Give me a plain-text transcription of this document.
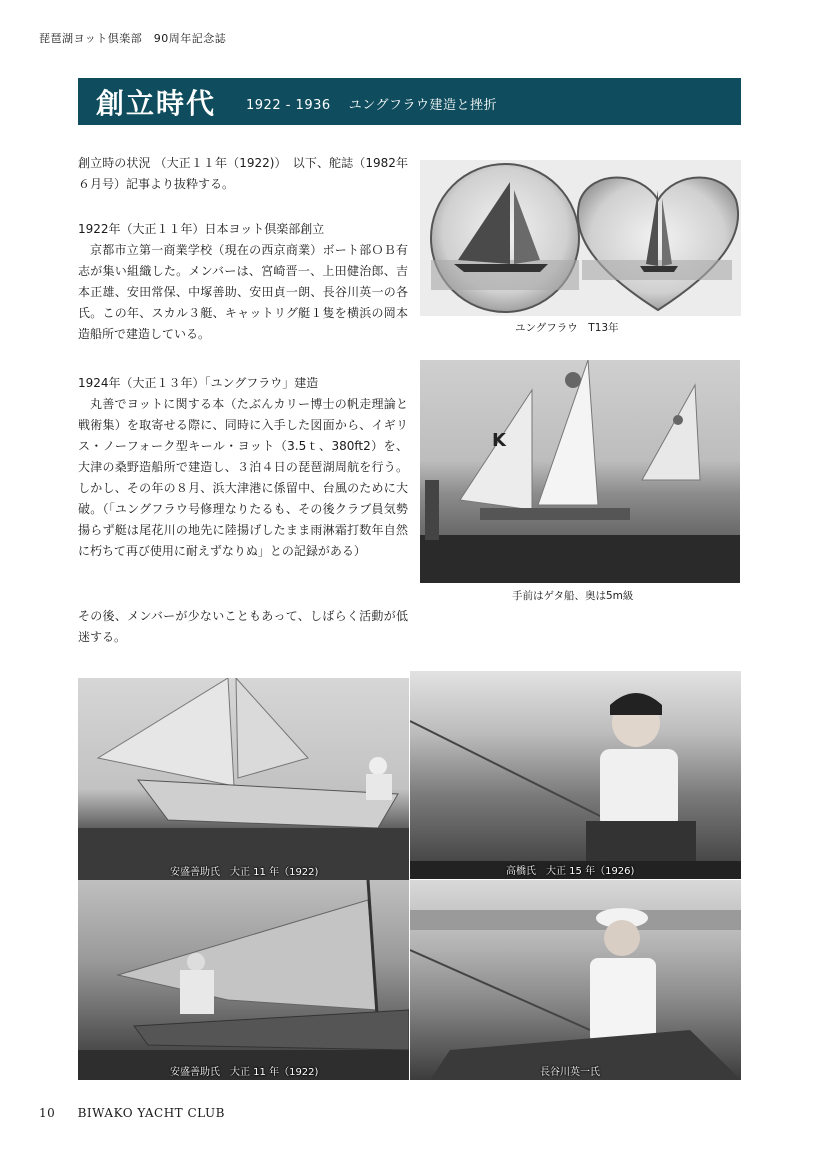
琵琶湖ヨット倶楽部　90周年記念誌
創立時代 1922 - 1936　 ユングフラウ建造と挫折

創立時の状況 （大正１１年（1922)）　以下、舵誌（1982年６月号）記事より抜粋する。

1922年（大正１１年）日本ヨット倶楽部創立
京都市立第一商業学校（現在の西京商業）ボート部ＯＢ有志が集い組織した。メンバーは、宮崎晋一、上田健治郎、吉本正雄、安田常保、中塚善助、安田貞一朗、長谷川英一の各氏。この年、スカル３艇、キャットリグ艇１隻を横浜の岡本造船所で建造している。
1924年（大正１３年）「ユングフラウ」建造
丸善でヨットに関する本（たぶんカリー博士の帆走理論と戦術集）を取寄せる際に、同時に入手した図面から、イギリス・ノーフォーク型キール・ヨット（3.5ｔ、380ft2）を、大津の桑野造船所で建造し、３泊４日の琵琶湖周航を行う。しかし、その年の８月、浜大津港に係留中、台風のために大破。（「ユングフラウ号修理なりたるも、その後クラブ員気勢揚らず艇は尾花川の地先に陸揚げしたまま雨淋霜打数年自然に朽ちて再び使用に耐えずなりぬ」との記録がある）

その後、メンバーが少ないこともあって、しばらく活動が低迷する。

ユングフラウ　T13年
K
手前はゲタ船、奥は5m級
安盛善助氏　大正 11 年（1922)	高橋氏　大正 15 年（1926)
安盛善助氏　大正 11 年（1922)	長谷川英一氏
10 BIWAKO YACHT CLUB
